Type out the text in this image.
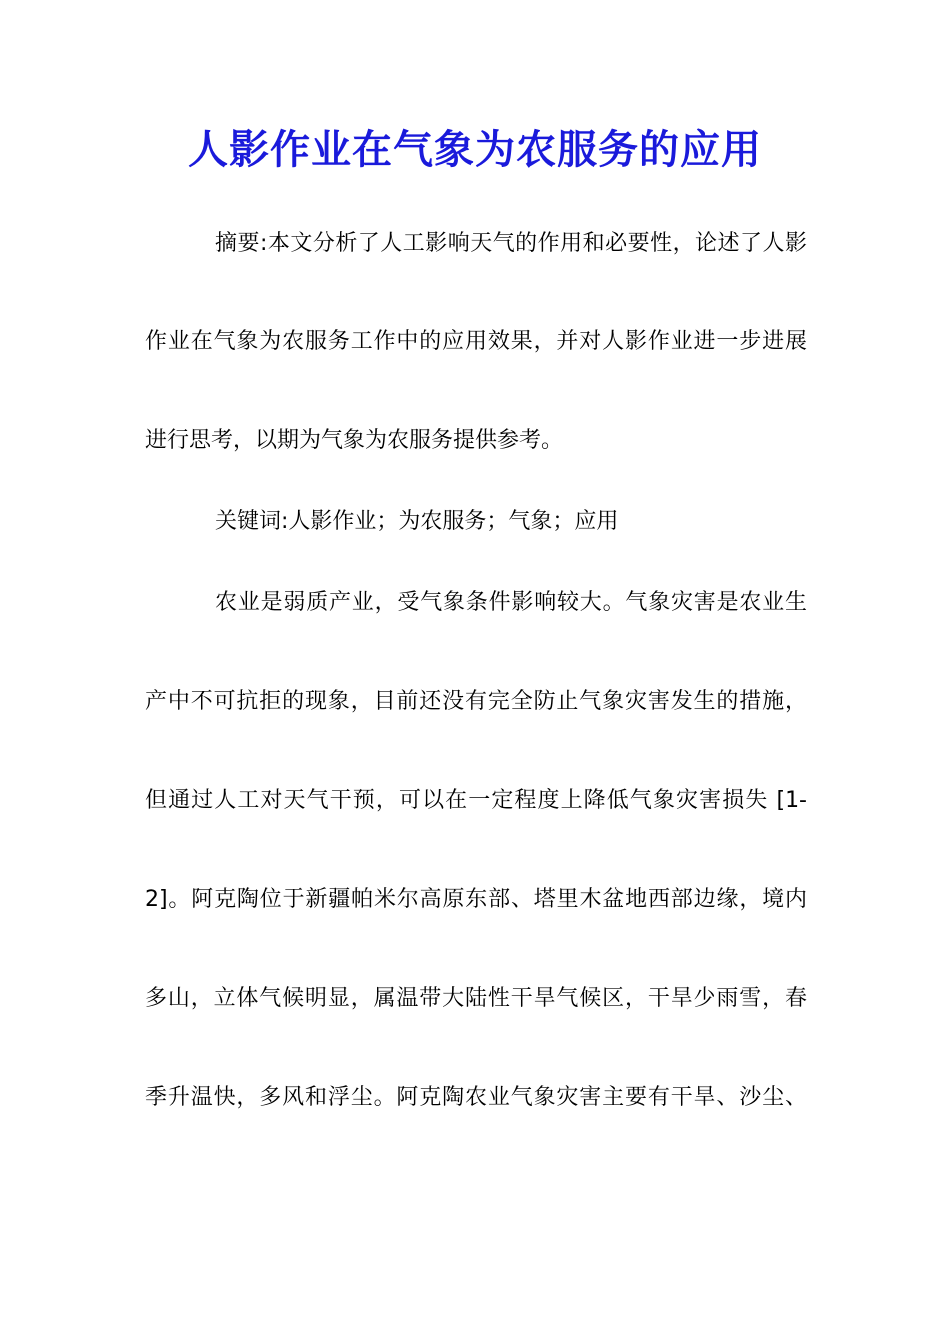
人影作业在气象为农服务的应用

摘要:本文分析了人工影响天气的作用和必要性，论述了人影

作业在气象为农服务工作中的应用效果，并对人影作业进一步进展

进行思考，以期为气象为农服务提供参考。

关键词:人影作业；为农服务；气象；应用

农业是弱质产业，受气象条件影响较大。气象灾害是农业生

产中不可抗拒的现象，目前还没有完全防止气象灾害发生的措施，

但通过人工对天气干预，可以在一定程度上降低气象灾害损失 [1-

2]。阿克陶位于新疆帕米尔高原东部、塔里木盆地西部边缘，境内

多山，立体气候明显，属温带大陆性干旱气候区，干旱少雨雪，春

季升温快，多风和浮尘。阿克陶农业气象灾害主要有干旱、沙尘、
